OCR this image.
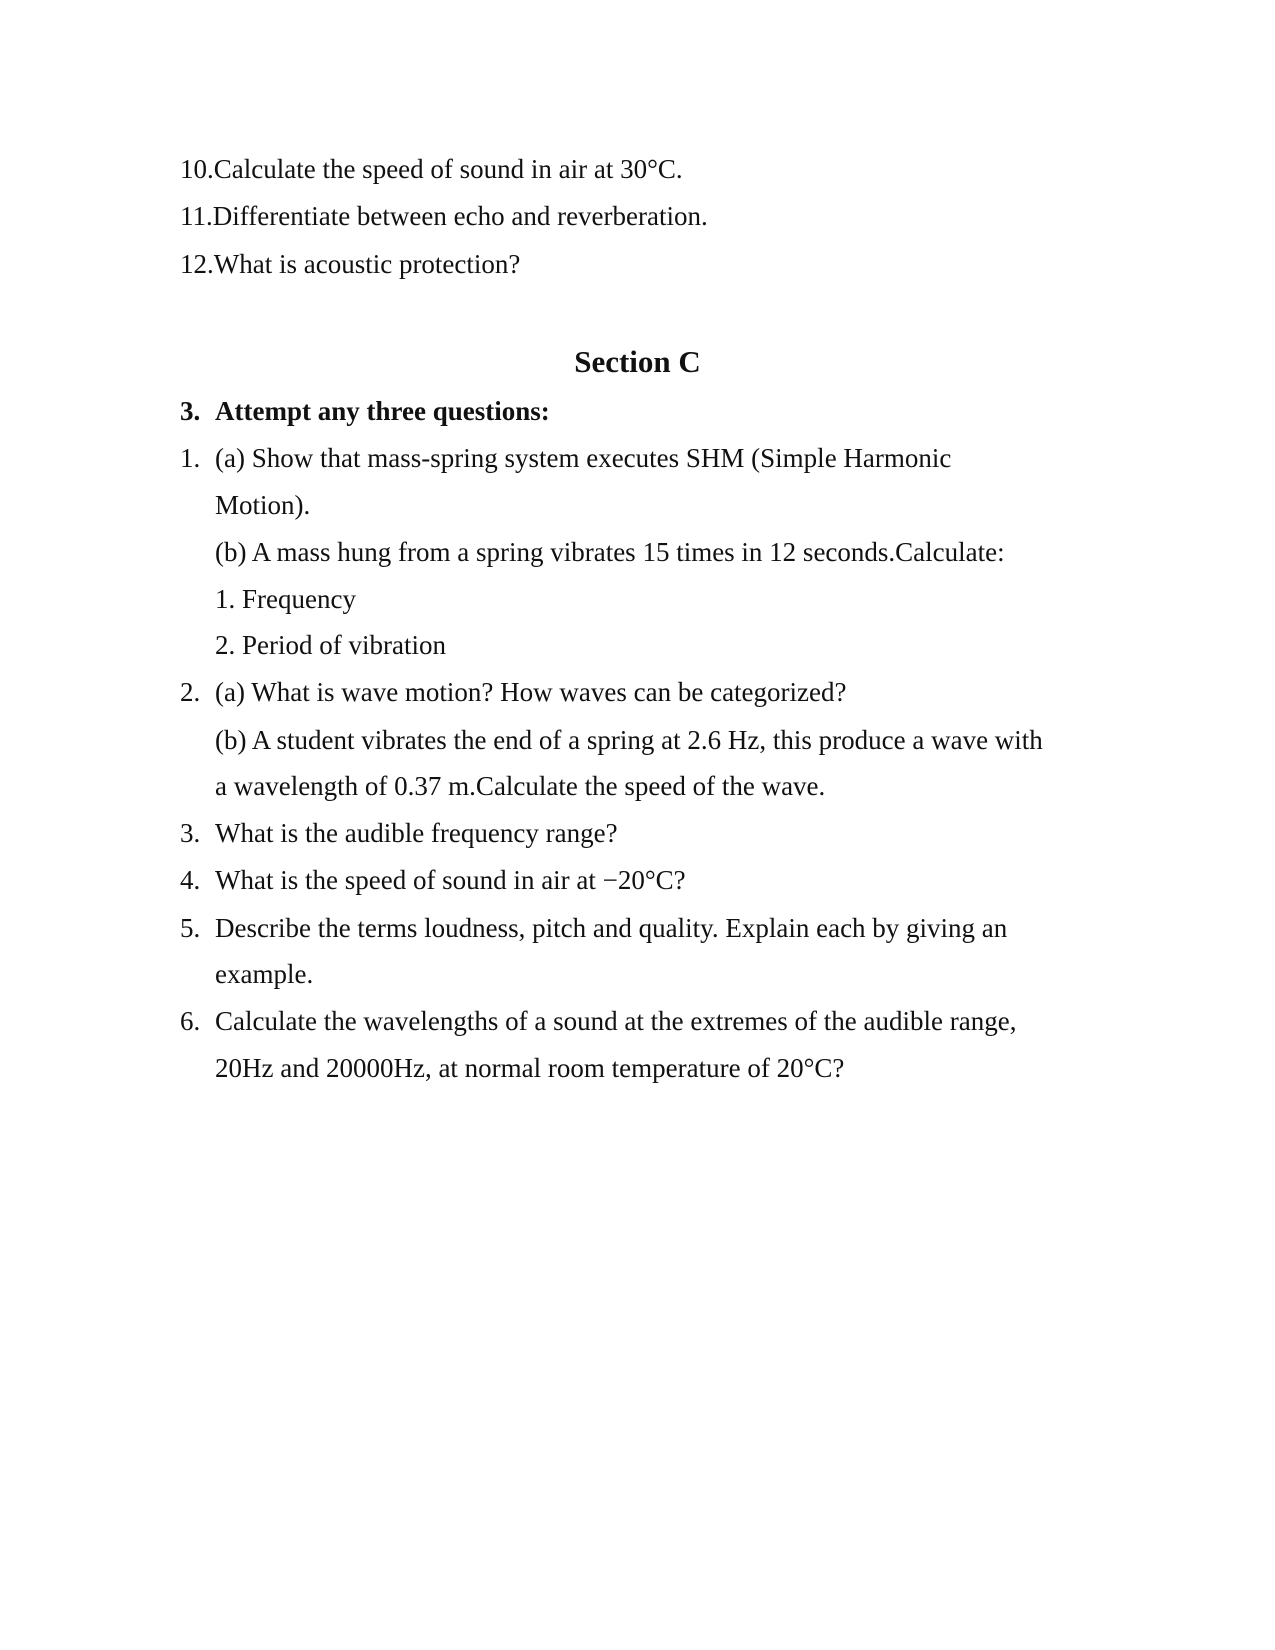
10.Calculate the speed of sound in air at 30°C.
11.Differentiate between echo and reverberation.
12.What is acoustic protection?
Section C
3. Attempt any three questions:
1. (a) Show that mass-spring system executes SHM (Simple Harmonic
Motion).
(b) A mass hung from a spring vibrates 15 times in 12 seconds.Calculate:
1. Frequency
2. Period of vibration
2. (a) What is wave motion? How waves can be categorized?
(b) A student vibrates the end of a spring at 2.6 Hz, this produce a wave with
a wavelength of 0.37 m.Calculate the speed of the wave.
3. What is the audible frequency range?
4. What is the speed of sound in air at −20°C?
5. Describe the terms loudness, pitch and quality. Explain each by giving an
example.
6. Calculate the wavelengths of a sound at the extremes of the audible range,
20Hz and 20000Hz, at normal room temperature of 20°C?
